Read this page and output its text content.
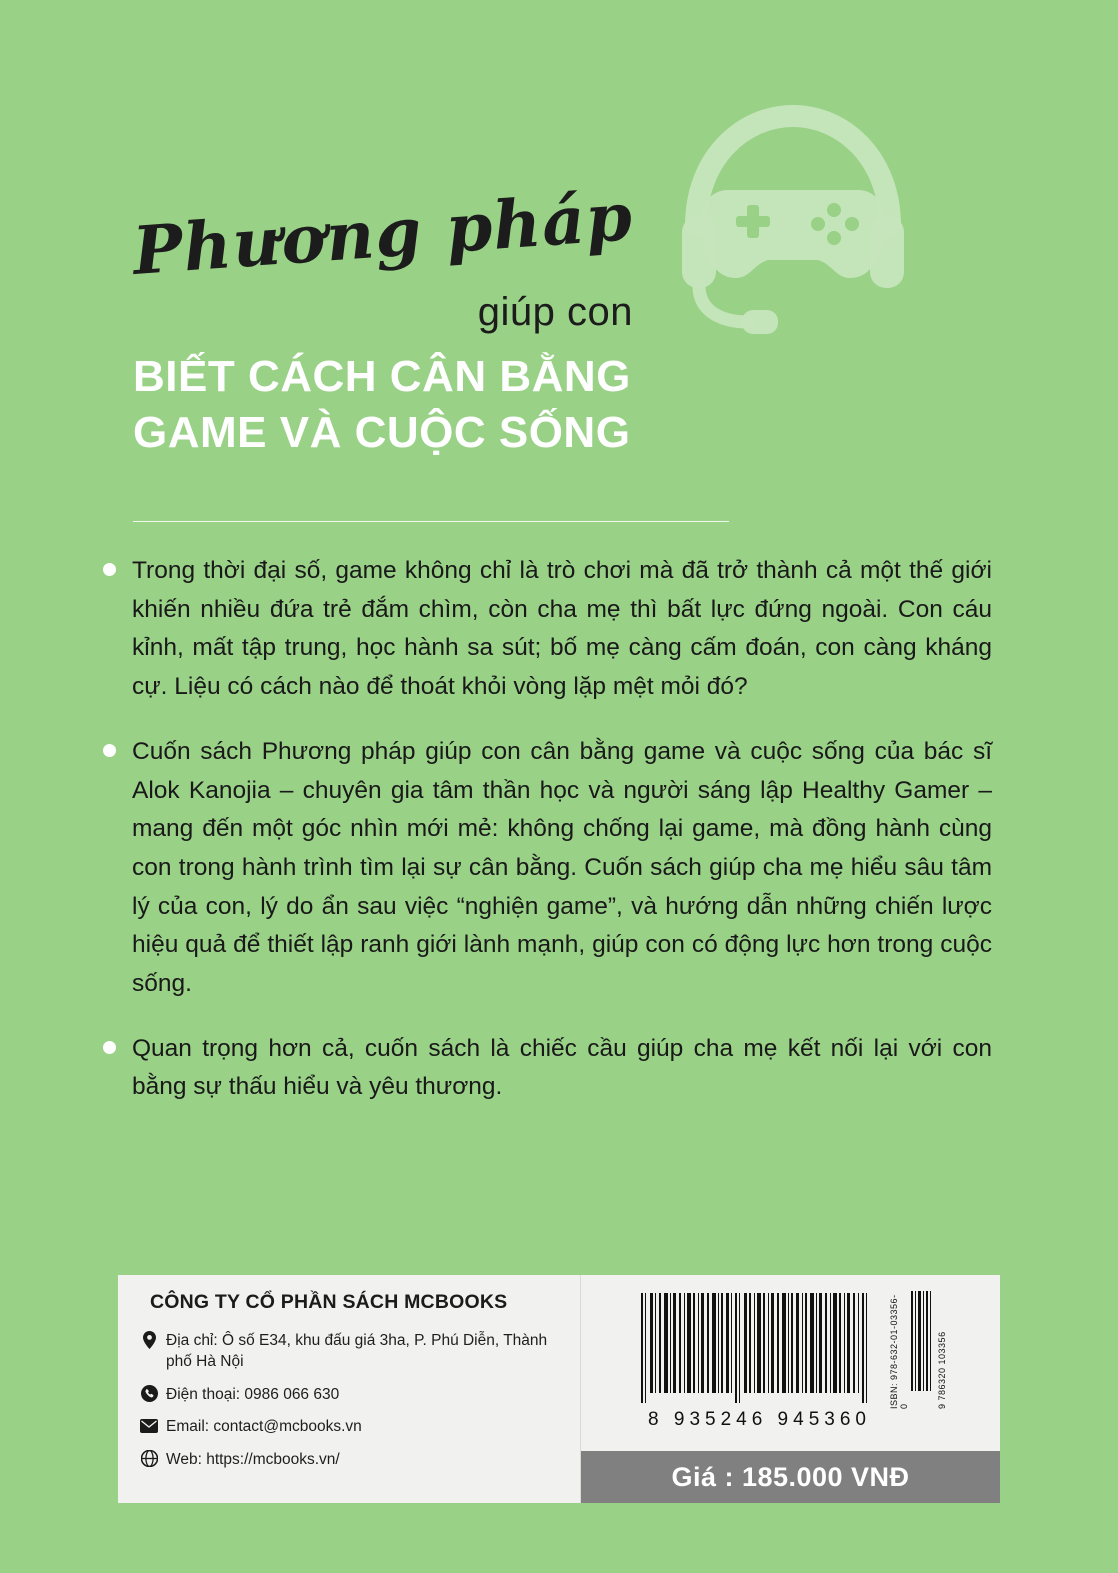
Phương pháp
giúp con
BIẾT CÁCH CÂN BẰNG
GAME VÀ CUỘC SỐNG

Trong thời đại số, game không chỉ là trò chơi mà đã trở thành cả một thế giới khiến nhiều đứa trẻ đắm chìm, còn cha mẹ thì bất lực đứng ngoài. Con cáu kỉnh, mất tập trung, học hành sa sút; bố mẹ càng cấm đoán, con càng kháng cự. Liệu có cách nào để thoát khỏi vòng lặp mệt mỏi đó?

Cuốn sách Phương pháp giúp con cân bằng game và cuộc sống của bác sĩ Alok Kanojia – chuyên gia tâm thần học và người sáng lập Healthy Gamer – mang đến một góc nhìn mới mẻ: không chống lại game, mà đồng hành cùng con trong hành trình tìm lại sự cân bằng. Cuốn sách giúp cha mẹ hiểu sâu tâm lý của con, lý do ẩn sau việc “nghiện game”, và hướng dẫn những chiến lược hiệu quả để thiết lập ranh giới lành mạnh, giúp con có động lực hơn trong cuộc sống.

Quan trọng hơn cả, cuốn sách là chiếc cầu giúp cha mẹ kết nối lại với con bằng sự thấu hiểu và yêu thương.

CÔNG TY CỔ PHẦN SÁCH MCBOOKS
Địa chỉ: Ô số E34, khu đấu giá 3ha, P. Phú Diễn, Thành phố Hà Nội
Điện thoại: 0986 066 630
Email: contact@mcbooks.vn
Web: https://mcbooks.vn/
8 935246 945360
ISBN: 978-632-01-03356-0	9 786320 103356
Giá : 185.000 VNĐ
